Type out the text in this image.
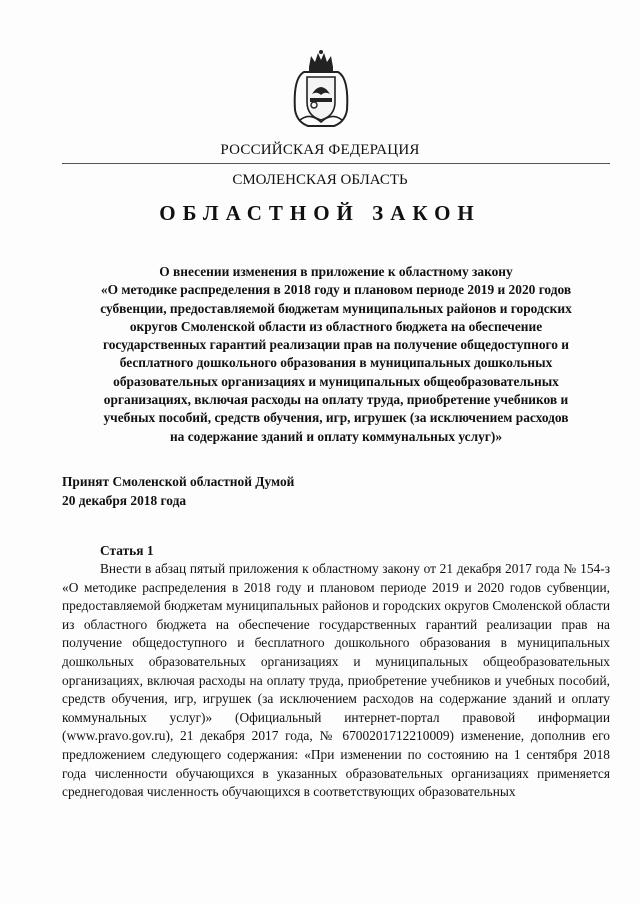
РОССИЙСКАЯ ФЕДЕРАЦИЯ
СМОЛЕНСКАЯ ОБЛАСТЬ
ОБЛАСТНОЙ ЗАКОН
О внесении изменения в приложение к областному закону
«О методике распределения в 2018 году и плановом периоде 2019 и 2020 годов
субвенции, предоставляемой бюджетам муниципальных районов и городских
округов Смоленской области из областного бюджета на обеспечение
государственных гарантий реализации прав на получение общедоступного и
бесплатного дошкольного образования в муниципальных дошкольных
образовательных организациях и муниципальных общеобразовательных
организациях, включая расходы на оплату труда, приобретение учебников и
учебных пособий, средств обучения, игр, игрушек (за исключением расходов
на содержание зданий и оплату коммунальных услуг)»
Принят Смоленской областной Думой
20 декабря 2018 года
Статья 1

Внести в абзац пятый приложения к областному закону от 21 декабря 2017 года № 154-з «О методике распределения в 2018 году и плановом периоде 2019 и 2020 годов субвенции, предоставляемой бюджетам муниципальных районов и городских округов Смоленской области из областного бюджета на обеспечение государственных гарантий реализации прав на получение общедоступного и бесплатного дошкольного образования в муниципальных дошкольных образовательных организациях и муниципальных общеобразовательных организациях, включая расходы на оплату труда, приобретение учебников и учебных пособий, средств обучения, игр, игрушек (за исключением расходов на содержание зданий и оплату коммунальных услуг)» (Официальный интернет-портал правовой информации (www.pravo.gov.ru), 21 декабря 2017 года, № 6700201712210009) изменение, дополнив его предложением следующего содержания: «При изменении по состоянию на 1 сентября 2018 года численности обучающихся в указанных образовательных организациях применяется среднегодовая численность обучающихся в соответствующих образовательных
